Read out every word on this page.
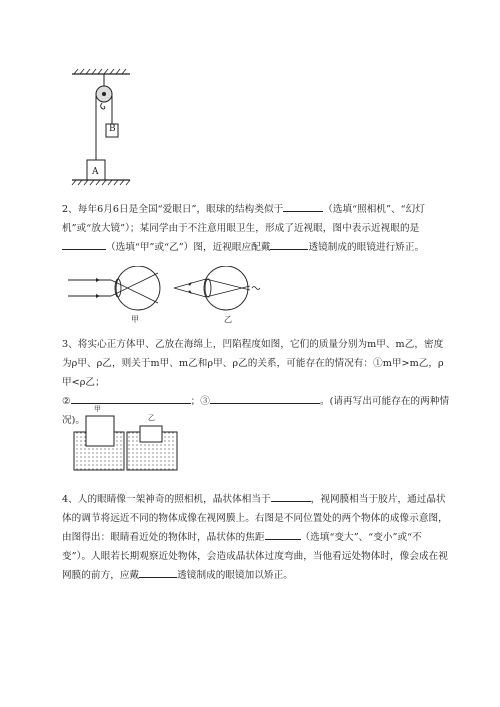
B
A
2、每年6月6日是全国“爱眼日”，眼球的结构类似于	（选填“照相机”、“幻灯机”或“放大镜”）；某同学由于不注意用眼卫生，形成了近视眼，图中表示近视眼的是（选填“甲”或“乙”）图，近视眼应配戴	透镜制成的眼镜进行矫正。
甲	乙
3、将实心正方体甲、乙放在海绵上，凹陷程度如图，它们的质量分别为m甲、m乙，密度为ρ甲、ρ乙，则关于m甲、m乙和ρ甲、ρ乙的关系，可能存在的情况有：①m甲>m乙，ρ甲<ρ乙；
②	；③	。(请再写出可能存在的两种情况)。
甲
乙
4、人的眼睛像一架神奇的照相机，晶状体相当于	，视网膜相当于胶片，通过晶状体的调节将远近不同的物体成像在视网膜上。右图是不同位置处的两个物体的成像示意图，由图得出：眼睛看近处的物体时，晶状体的焦距	（选填“变大”、“变小”或“不变”）。人眼若长期观察近处物体，会造成晶状体过度弯曲，当他看远处物体时，像会成在视网膜的前方，应戴	透镜制成的眼镜加以矫正。
